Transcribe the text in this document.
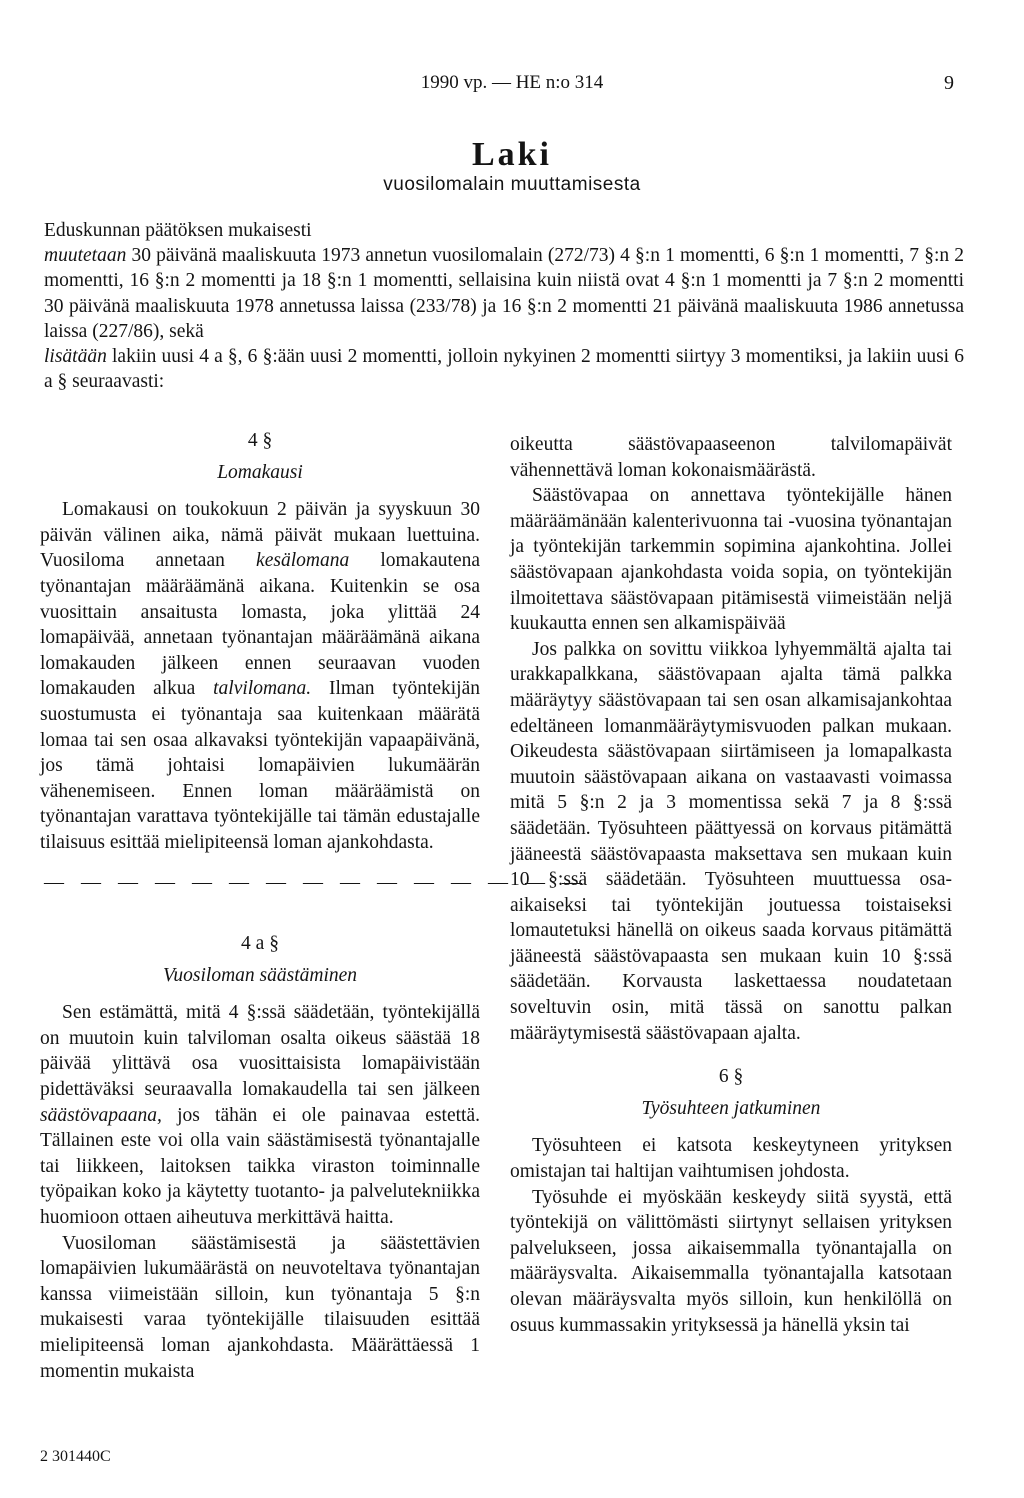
1990 vp. — HE n:o 314	9
Laki
vuosilomalain muuttamisesta

Eduskunnan päätöksen mukaisesti

muutetaan 30 päivänä maaliskuuta 1973 annetun vuosilomalain (272/73) 4 §:n 1 momentti, 6 §:n 1 momentti, 7 §:n 2 momentti, 16 §:n 2 momentti ja 18 §:n 1 momentti, sellaisina kuin niistä ovat 4 §:n 1 momentti ja 7 §:n 2 momentti 30 päivänä maaliskuuta 1978 annetussa laissa (233/78) ja 16 §:n 2 momentti 21 päivänä maaliskuuta 1986 annetussa laissa (227/86), sekä

lisätään lakiin uusi 4 a §, 6 §:ään uusi 2 momentti, jolloin nykyinen 2 momentti siirtyy 3 momentiksi, ja lakiin uusi 6 a § seuraavasti:

4 §

Lomakausi

Lomakausi on toukokuun 2 päivän ja syyskuun 30 päivän välinen aika, nämä päivät mukaan luettuina. Vuosiloma annetaan kesälomana lomakautena työnantajan määräämänä aikana. Kuitenkin se osa vuosittain ansaitusta lomasta, joka ylittää 24 lomapäivää, annetaan työnantajan määräämänä aikana lomakauden jälkeen ennen seuraavan vuoden lomakauden alkua talvilomana. Ilman työntekijän suostumusta ei työnantaja saa kuitenkaan määrätä lomaa tai sen osaa alkavaksi työntekijän vapaapäivänä, jos tämä johtaisi lomapäivien lukumäärän vähenemiseen. Ennen loman määräämistä on työnantajan varattava työntekijälle tai tämän edustajalle tilaisuus esittää mielipiteensä loman ajankohdasta.

— — — — — — — — — — — — — — —

4 a §

Vuosiloman säästäminen

Sen estämättä, mitä 4 §:ssä säädetään, työntekijällä on muutoin kuin talviloman osalta oikeus säästää 18 päivää ylittävä osa vuosittaisista lomapäivistään pidettäväksi seuraavalla lomakaudella tai sen jälkeen säästövapaana, jos tähän ei ole painavaa estettä. Tällainen este voi olla vain säästämisestä työnantajalle tai liikkeen, laitoksen taikka viraston toiminnalle työpaikan koko ja käytetty tuotanto- ja palvelutekniikka huomioon ottaen aiheutuva merkittävä haitta.

Vuosiloman säästämisestä ja säästettävien lomapäivien lukumäärästä on neuvoteltava työnantajan kanssa viimeistään silloin, kun työnantaja 5 §:n mukaisesti varaa työntekijälle tilaisuuden esittää mielipiteensä loman ajankohdasta. Määrättäessä 1 momentin mukaista

oikeutta säästövapaaseenon talvilomapäivät vähennettävä loman kokonaismäärästä.

Säästövapaa on annettava työntekijälle hänen määräämänään kalenterivuonna tai -vuosina työnantajan ja työntekijän tarkemmin sopimina ajankohtina. Jollei säästövapaan ajankohdasta voida sopia, on työntekijän ilmoitettava säästövapaan pitämisestä viimeistään neljä kuukautta ennen sen alkamispäivää

Jos palkka on sovittu viikkoa lyhyemmältä ajalta tai urakkapalkkana, säästövapaan ajalta tämä palkka määräytyy säästövapaan tai sen osan alkamisajankohtaa edeltäneen lomanmääräytymisvuoden palkan mukaan. Oikeudesta säästövapaan siirtämiseen ja lomapalkasta muutoin säästövapaan aikana on vastaavasti voimassa mitä 5 §:n 2 ja 3 momentissa sekä 7 ja 8 §:ssä säädetään. Työsuhteen päättyessä on korvaus pitämättä jääneestä säästövapaasta maksettava sen mukaan kuin 10 §:ssä säädetään. Työsuhteen muuttuessa osa-aikaiseksi tai työntekijän joutuessa toistaiseksi lomautetuksi hänellä on oikeus saada korvaus pitämättä jääneestä säästövapaasta sen mukaan kuin 10 §:ssä säädetään. Korvausta laskettaessa noudatetaan soveltuvin osin, mitä tässä on sanottu palkan määräytymisestä säästövapaan ajalta.

6 §

Työsuhteen jatkuminen

Työsuhteen ei katsota keskeytyneen yrityksen omistajan tai haltijan vaihtumisen johdosta.

Työsuhde ei myöskään keskeydy siitä syystä, että työntekijä on välittömästi siirtynyt sellaisen yrityksen palvelukseen, jossa aikaisemmalla työnantajalla on määräysvalta. Aikaisemmalla työnantajalla katsotaan olevan määräysvalta myös silloin, kun henkilöllä on osuus kummassakin yrityksessä ja hänellä yksin tai

2 301440C
